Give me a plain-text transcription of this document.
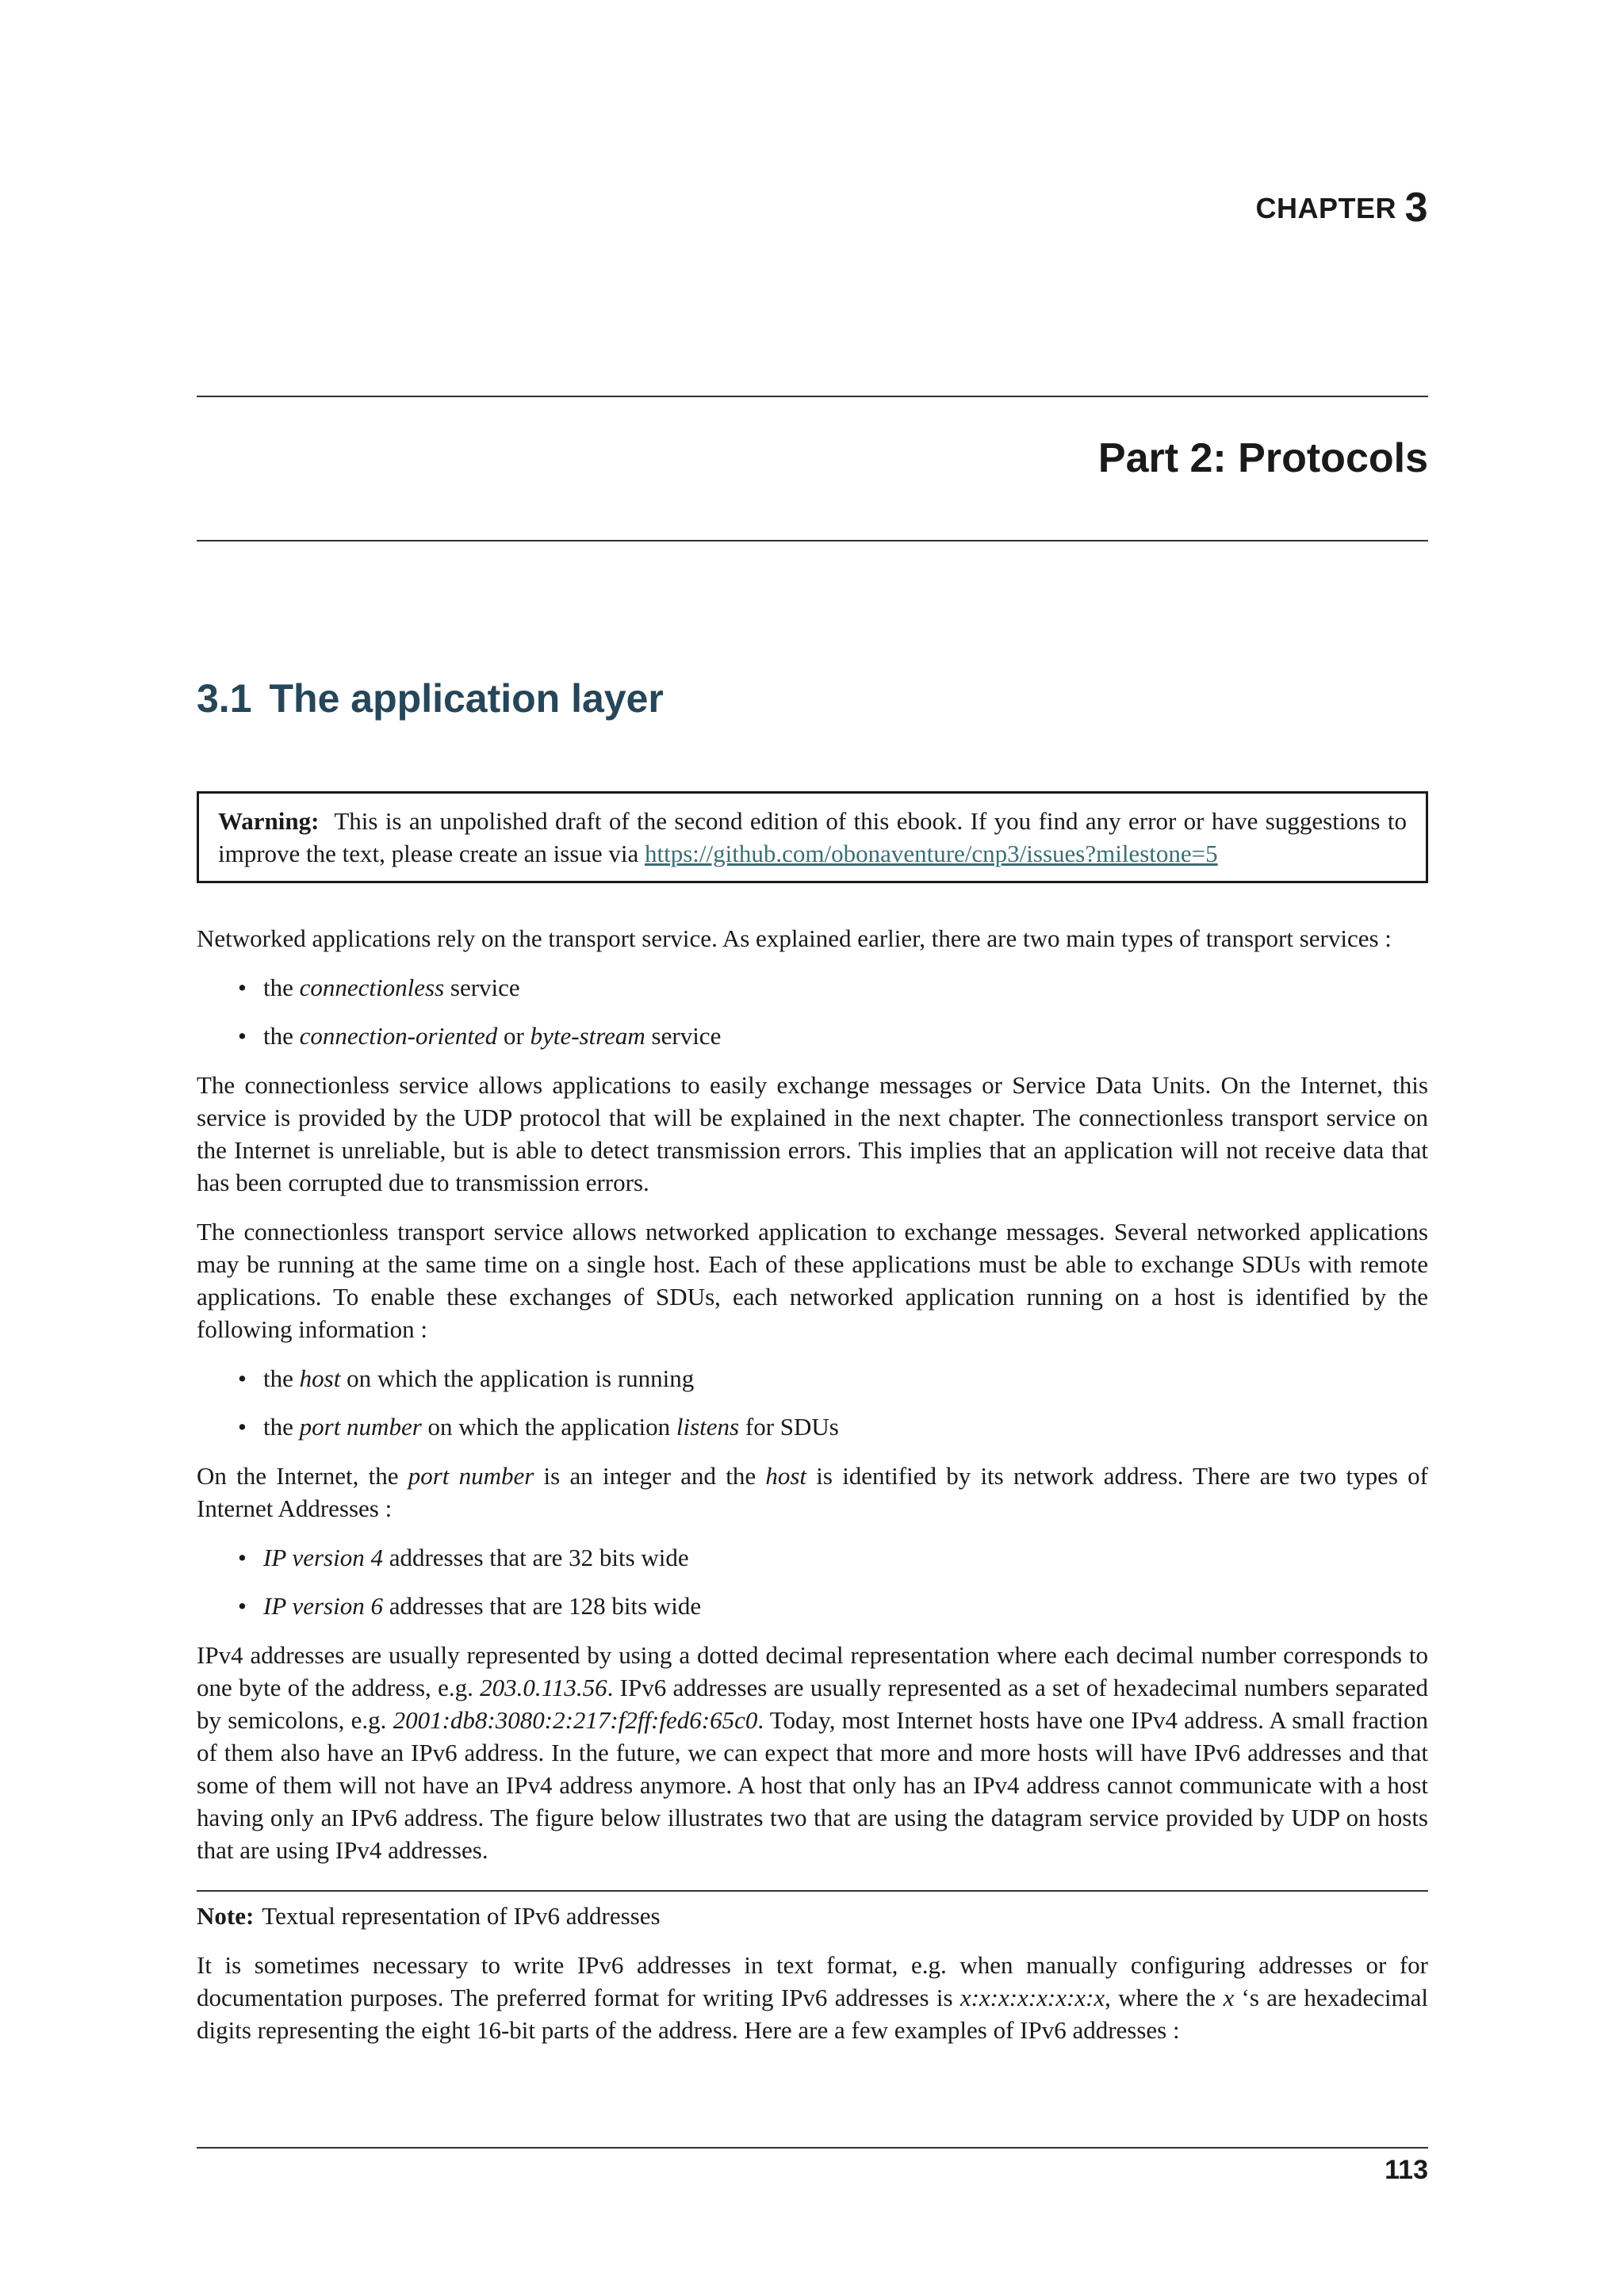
CHAPTER 3
Part 2: Protocols
3.1 The application layer
Warning: This is an unpolished draft of the second edition of this ebook. If you find any error or have suggestions to improve the text, please create an issue via https://github.com/obonaventure/cnp3/issues?milestone=5

Networked applications rely on the transport service. As explained earlier, there are two main types of transport services :

• the connectionless service
• the connection-oriented or byte-stream service

The connectionless service allows applications to easily exchange messages or Service Data Units. On the Internet, this service is provided by the UDP protocol that will be explained in the next chapter. The connectionless transport service on the Internet is unreliable, but is able to detect transmission errors. This implies that an application will not receive data that has been corrupted due to transmission errors.

The connectionless transport service allows networked application to exchange messages. Several networked applications may be running at the same time on a single host. Each of these applications must be able to exchange SDUs with remote applications. To enable these exchanges of SDUs, each networked application running on a host is identified by the following information :

• the host on which the application is running
• the port number on which the application listens for SDUs

On the Internet, the port number is an integer and the host is identified by its network address. There are two types of Internet Addresses :

• IP version 4 addresses that are 32 bits wide
• IP version 6 addresses that are 128 bits wide

IPv4 addresses are usually represented by using a dotted decimal representation where each decimal number corresponds to one byte of the address, e.g. 203.0.113.56. IPv6 addresses are usually represented as a set of hexadecimal numbers separated by semicolons, e.g. 2001:db8:3080:2:217:f2ff:fed6:65c0. Today, most Internet hosts have one IPv4 address. A small fraction of them also have an IPv6 address. In the future, we can expect that more and more hosts will have IPv6 addresses and that some of them will not have an IPv4 address anymore. A host that only has an IPv4 address cannot communicate with a host having only an IPv6 address. The figure below illustrates two that are using the datagram service provided by UDP on hosts that are using IPv4 addresses.

Note: Textual representation of IPv6 addresses

It is sometimes necessary to write IPv6 addresses in text format, e.g. when manually configuring addresses or for documentation purposes. The preferred format for writing IPv6 addresses is x:x:x:x:x:x:x:x, where the x ‘s are hexadecimal digits representing the eight 16-bit parts of the address. Here are a few examples of IPv6 addresses :

113
